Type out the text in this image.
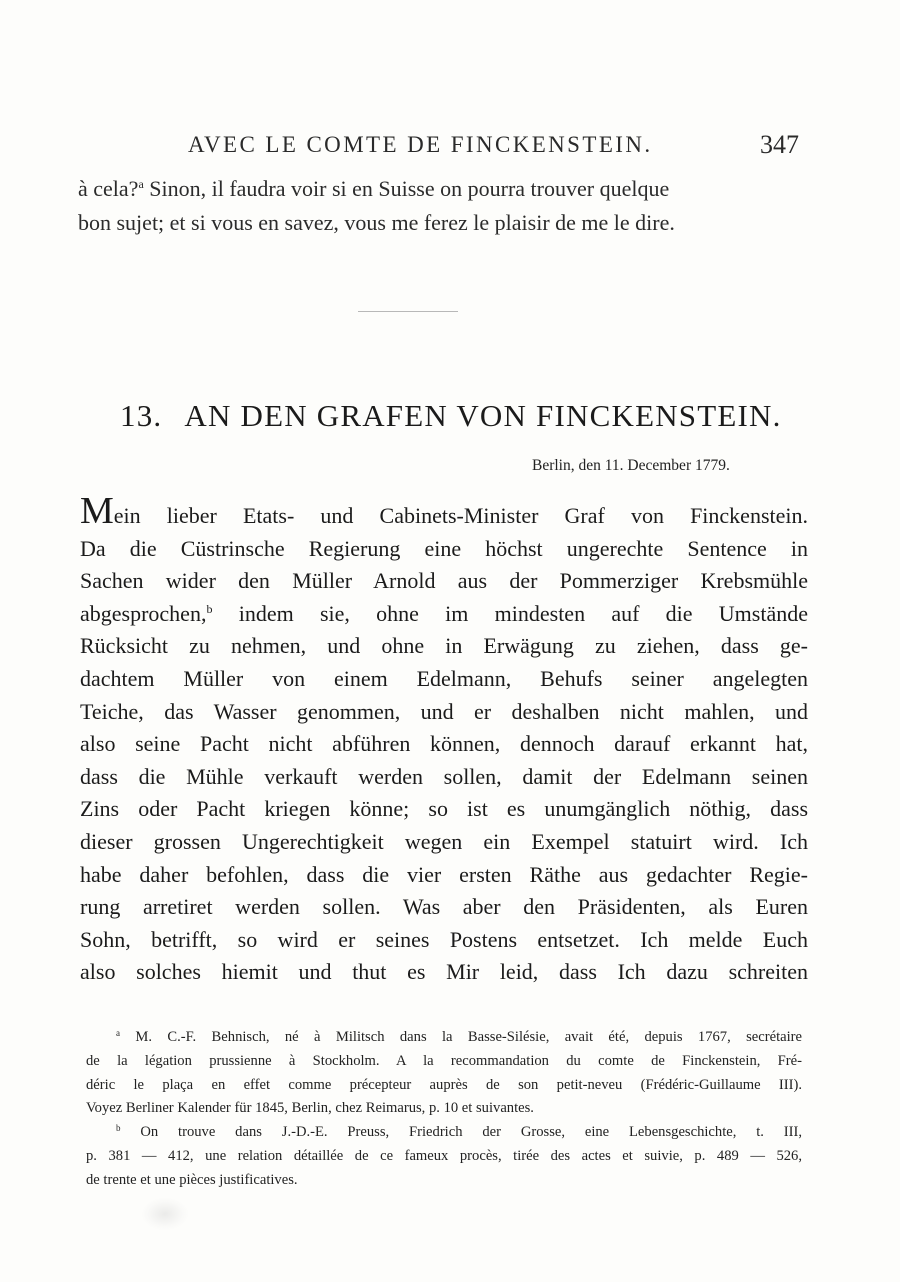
AVEC LE COMTE DE FINCKENSTEIN.	347
à cela?$^a$ Sinon, il faudra voir si en Suisse on pourra trouver quelque
bon sujet; et si vous en savez, vous me ferez le plaisir de me le dire.
13. AN DEN GRAFEN VON FINCKENSTEIN.
Berlin, den 11. December 1779.
Mein lieber Etats- und Cabinets-Minister Graf von Finckenstein.
Da die Cüstrinsche Regierung eine höchst ungerechte Sentence in
Sachen wider den Müller Arnold aus der Pommerziger Krebsmühle
abgesprochen,$^b$ indem sie, ohne im mindesten auf die Umstände
Rücksicht zu nehmen, und ohne in Erwägung zu ziehen, dass ge-
dachtem Müller von einem Edelmann, Behufs seiner angelegten
Teiche, das Wasser genommen, und er deshalben nicht mahlen, und
also seine Pacht nicht abführen können, dennoch darauf erkannt hat,
dass die Mühle verkauft werden sollen, damit der Edelmann seinen
Zins oder Pacht kriegen könne; so ist es unumgänglich nöthig, dass
dieser grossen Ungerechtigkeit wegen ein Exempel statuirt wird. Ich
habe daher befohlen, dass die vier ersten Räthe aus gedachter Regie-
rung arretiret werden sollen. Was aber den Präsidenten, als Euren
Sohn, betrifft, so wird er seines Postens entsetzet. Ich melde Euch
also solches hiemit und thut es Mir leid, dass Ich dazu schreiten
$^a$ M. C.-F. Behnisch, né à Militsch dans la Basse-Silésie, avait été, depuis 1767, secrétaire
de la légation prussienne à Stockholm. A la recommandation du comte de Finckenstein, Fré-
déric le plaça en effet comme précepteur auprès de son petit-neveu (Frédéric-Guillaume III).
Voyez Berliner Kalender für 1845, Berlin, chez Reimarus, p. 10 et suivantes.
$^b$ On trouve dans J.-D.-E. Preuss, Friedrich der Grosse, eine Lebensgeschichte, t. III,
p. 381 — 412, une relation détaillée de ce fameux procès, tirée des actes et suivie, p. 489 — 526,
de trente et une pièces justificatives.
